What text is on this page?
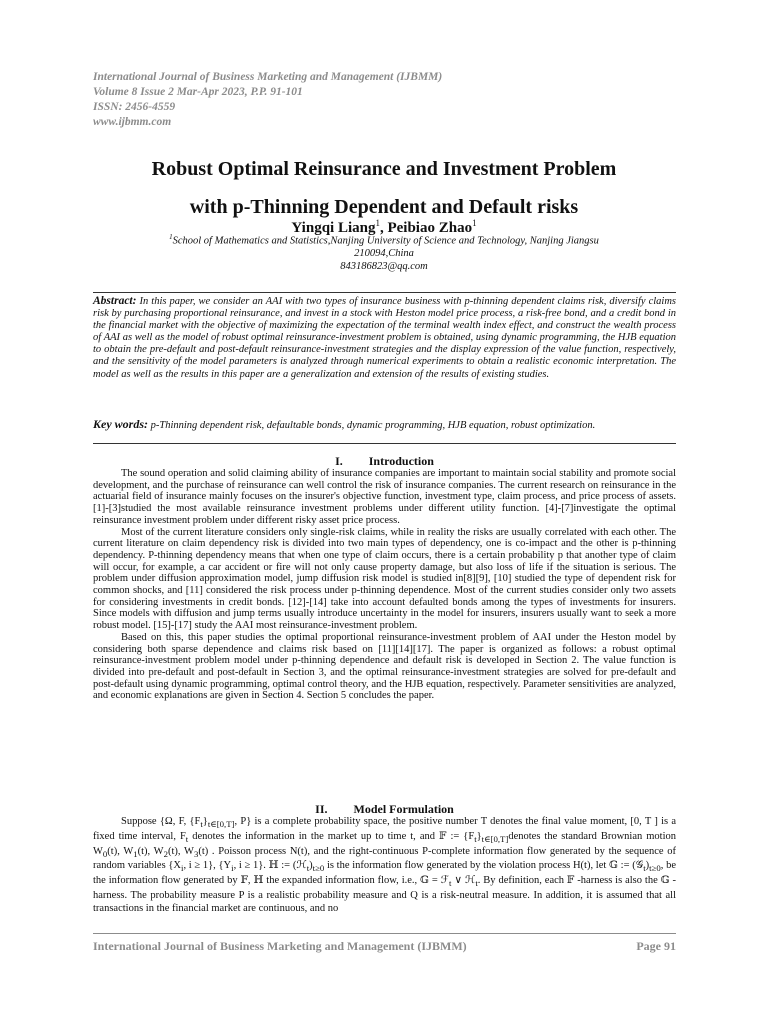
International Journal of Business Marketing and Management (IJBMM)
Volume 8 Issue 2 Mar-Apr 2023, P.P. 91-101
ISSN: 2456-4559
www.ijbmm.com
Robust Optimal Reinsurance and Investment Problem
with p-Thinning Dependent and Default risks
Yingqi Liang$^1$, Peibiao Zhao$^1$
$^1$School of Mathematics and Statistics,Nanjing University of Science and Technology, Nanjing Jiangsu
210094,China
843186823@qq.com
Abstract: In this paper, we consider an AAI with two types of insurance business with p-thinning dependent claims risk, diversify claims risk by purchasing proportional reinsurance, and invest in a stock with Heston model price process, a risk-free bond, and a credit bond in the financial market with the objective of maximizing the expectation of the terminal wealth index effect, and construct the wealth process of AAI as well as the model of robust optimal reinsurance-investment problem is obtained, using dynamic programming, the HJB equation to obtain the pre-default and post-default reinsurance-investment strategies and the display expression of the value function, respectively, and the sensitivity of the model parameters is analyzed through numerical experiments to obtain a realistic economic interpretation. The model as well as the results in this paper are a generalization and extension of the results of existing studies.
Key words: p-Thinning dependent risk, defaultable bonds, dynamic programming, HJB equation, robust optimization.
I. Introduction

The sound operation and solid claiming ability of insurance companies are important to maintain social stability and promote social development, and the purchase of reinsurance can well control the risk of insurance companies. The current research on reinsurance in the actuarial field of insurance mainly focuses on the insurer's objective function, investment type, claim process, and price process of assets. [1]-[3]studied the most available reinsurance investment problems under different utility function. [4]-[7]investigate the optimal reinsurance investment problem under different risky asset price process.

Most of the current literature considers only single-risk claims, while in reality the risks are usually correlated with each other. The current literature on claim dependency risk is divided into two main types of dependency, one is co-impact and the other is p-thinning dependency. P-thinning dependency means that when one type of claim occurs, there is a certain probability p that another type of claim will occur, for example, a car accident or fire will not only cause property damage, but also loss of life if the situation is serious. The problem under diffusion approximation model, jump diffusion risk model is studied in[8][9], [10] studied the type of dependent risk for common shocks, and [11] considered the risk process under p-thinning dependence. Most of the current studies consider only two assets for considering investments in credit bonds. [12]-[14] take into account defaulted bonds among the types of investments for insurers. Since models with diffusion and jump terms usually introduce uncertainty in the model for insurers, insurers usually want to seek a more robust model. [15]-[17] study the AAI most reinsurance-investment problem.

Based on this, this paper studies the optimal proportional reinsurance-investment problem of AAI under the Heston model by considering both sparse dependence and claims risk based on [11][14][17]. The paper is organized as follows: a robust optimal reinsurance-investment problem model under p-thinning dependence and default risk is developed in Section 2. The value function is divided into pre-default and post-default in Section 3, and the optimal reinsurance-investment strategies are solved for pre-default and post-default using dynamic programming, optimal control theory, and the HJB equation, respectively. Parameter sensitivities are analyzed, and economic explanations are given in Section 4. Section 5 concludes the paper.

II. Model Formulation

Suppose {Ω, F, $\{F_t\}_{t\in[0,T]}$, P} is a complete probability space, the positive number T denotes the final value moment, [0, T ] is a fixed time interval, $F_t$ denotes the information in the market up to time t, and 𝔽 := $\{F_t\}_{t\in[0,T]}denotes$ the standard Brownian motion $W_0(t)$, $W_1(t)$, $W_2(t)$, $W_3(t)$ . Poisson process N(t), and the right-continuous P-complete information flow generated by the sequence of random variables {$X_i$, i ≥ 1}, {$Y_i$, i ≥ 1}. ℍ := $(ℋ_t)_{t\ge 0}$ is the information flow generated by the violation process H(t), let 𝔾 := $(𝒢_t)_{t\ge 0}$, be the information flow generated by 𝔽, ℍ the expanded information flow, i.e., 𝔾 = ℱ$_t$ ∨ ℋ$_t$. By definition, each 𝔽 -harness is also the 𝔾 -harness. The probability measure P is a realistic probability measure and Q is a risk-neutral measure. In addition, it is assumed that all transactions in the financial market are continuous, and no

International Journal of Business Marketing and Management (IJBMM)	Page 91
